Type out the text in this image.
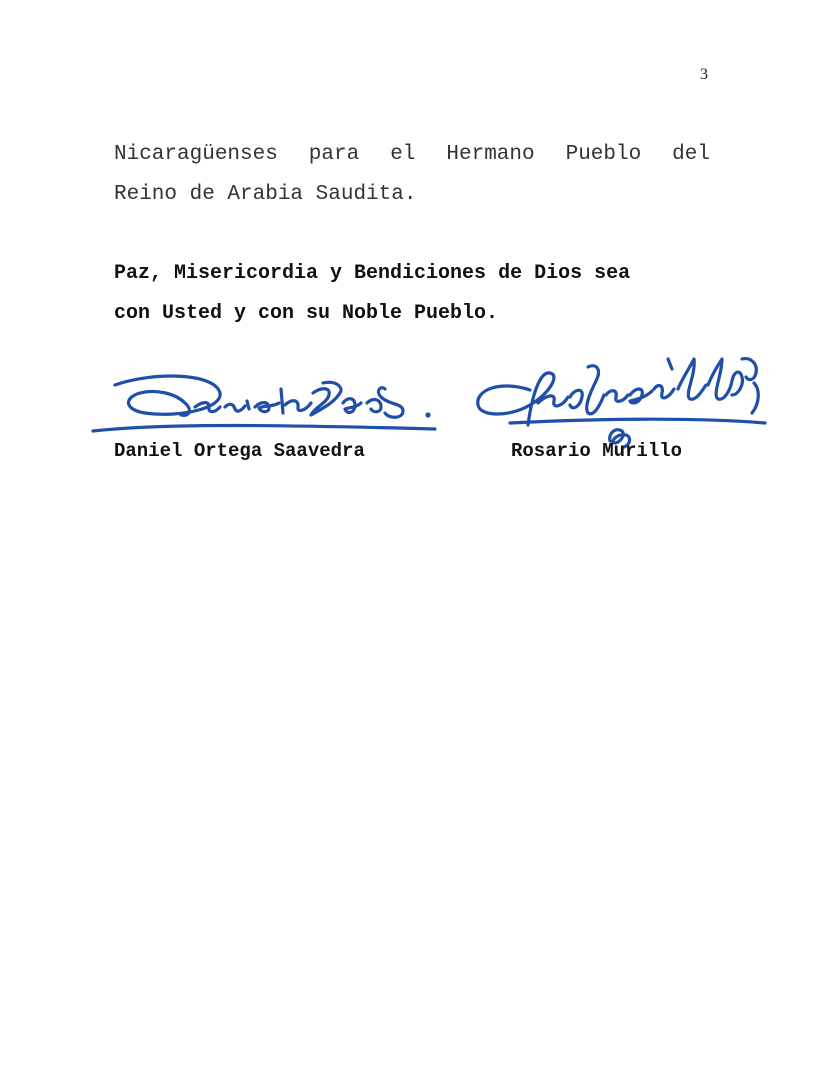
3
Nicaragüenses para el Hermano Pueblo del
Reino de Arabia Saudita.
Paz, Misericordia y Bendiciones de Dios sea
con Usted y con su Noble Pueblo.
Daniel Ortega Saavedra	Rosario Murillo
